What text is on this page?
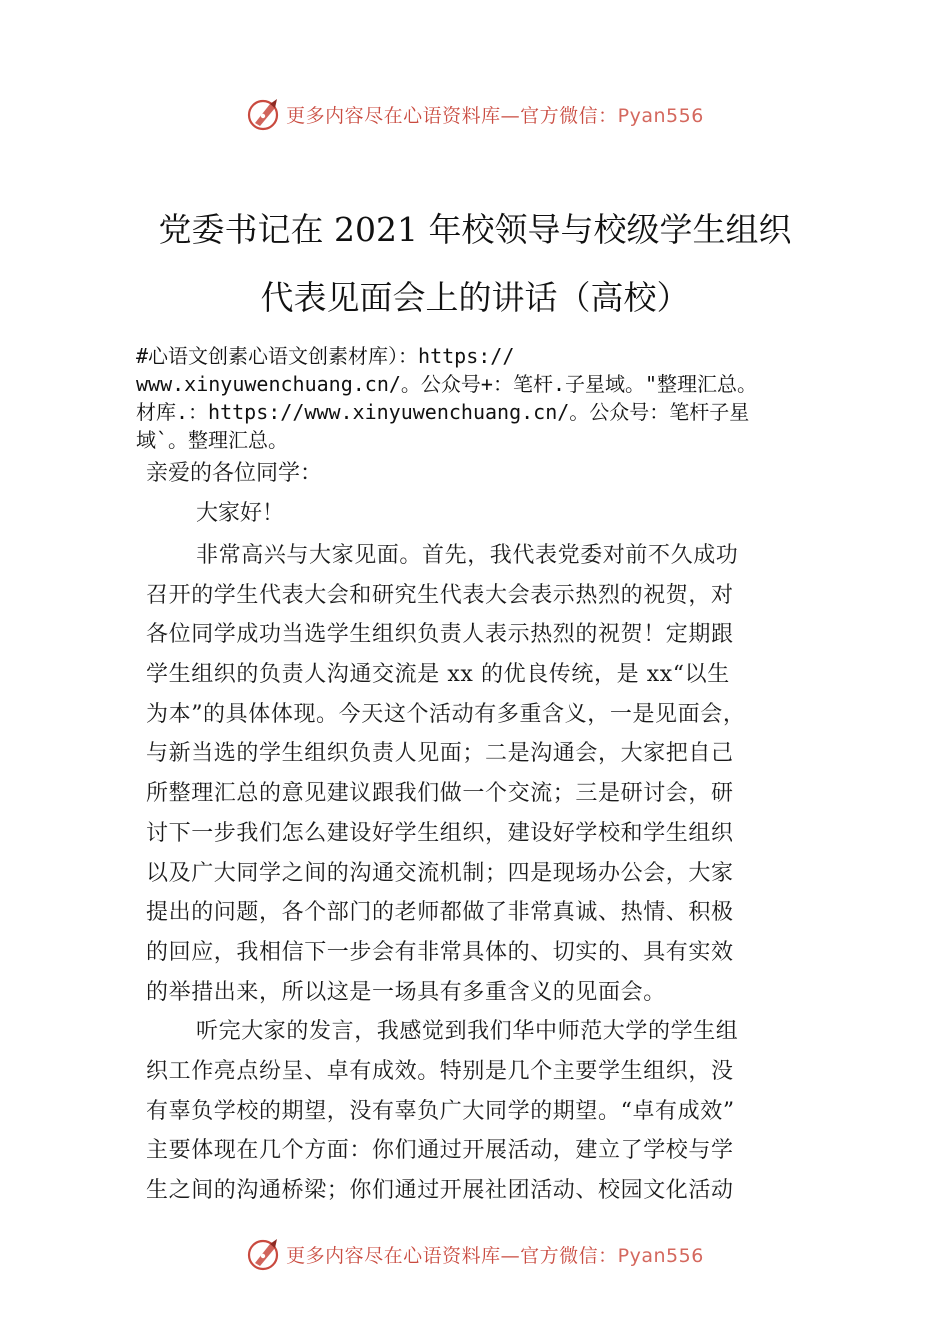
更多内容尽在心语资料库—官方微信：Pyan556
党委书记在 2021 年校领导与校级学生组织
代表见面会上的讲话（高校）
#心语文创素心语文创素材库）：https://
www.xinyuwenchuang.cn/。公众号+：笔杆.子星域。"整理汇总。
材库.：https://www.xinyuwenchuang.cn/。公众号：笔杆子星
域`。整理汇总。
亲爱的各位同学：
大家好！
非常高兴与大家见面。首先，我代表党委对前不久成功
召开的学生代表大会和研究生代表大会表示热烈的祝贺，对
各位同学成功当选学生组织负责人表示热烈的祝贺！定期跟
学生组织的负责人沟通交流是 xx 的优良传统，是 xx“以生
为本”的具体体现。今天这个活动有多重含义，一是见面会，
与新当选的学生组织负责人见面；二是沟通会，大家把自己
所整理汇总的意见建议跟我们做一个交流；三是研讨会，研
讨下一步我们怎么建设好学生组织，建设好学校和学生组织
以及广大同学之间的沟通交流机制；四是现场办公会，大家
提出的问题，各个部门的老师都做了非常真诚、热情、积极
的回应，我相信下一步会有非常具体的、切实的、具有实效
的举措出来，所以这是一场具有多重含义的见面会。
听完大家的发言，我感觉到我们华中师范大学的学生组
织工作亮点纷呈、卓有成效。特别是几个主要学生组织，没
有辜负学校的期望，没有辜负广大同学的期望。“卓有成效”
主要体现在几个方面：你们通过开展活动，建立了学校与学
生之间的沟通桥梁；你们通过开展社团活动、校园文化活动
更多内容尽在心语资料库—官方微信：Pyan556
